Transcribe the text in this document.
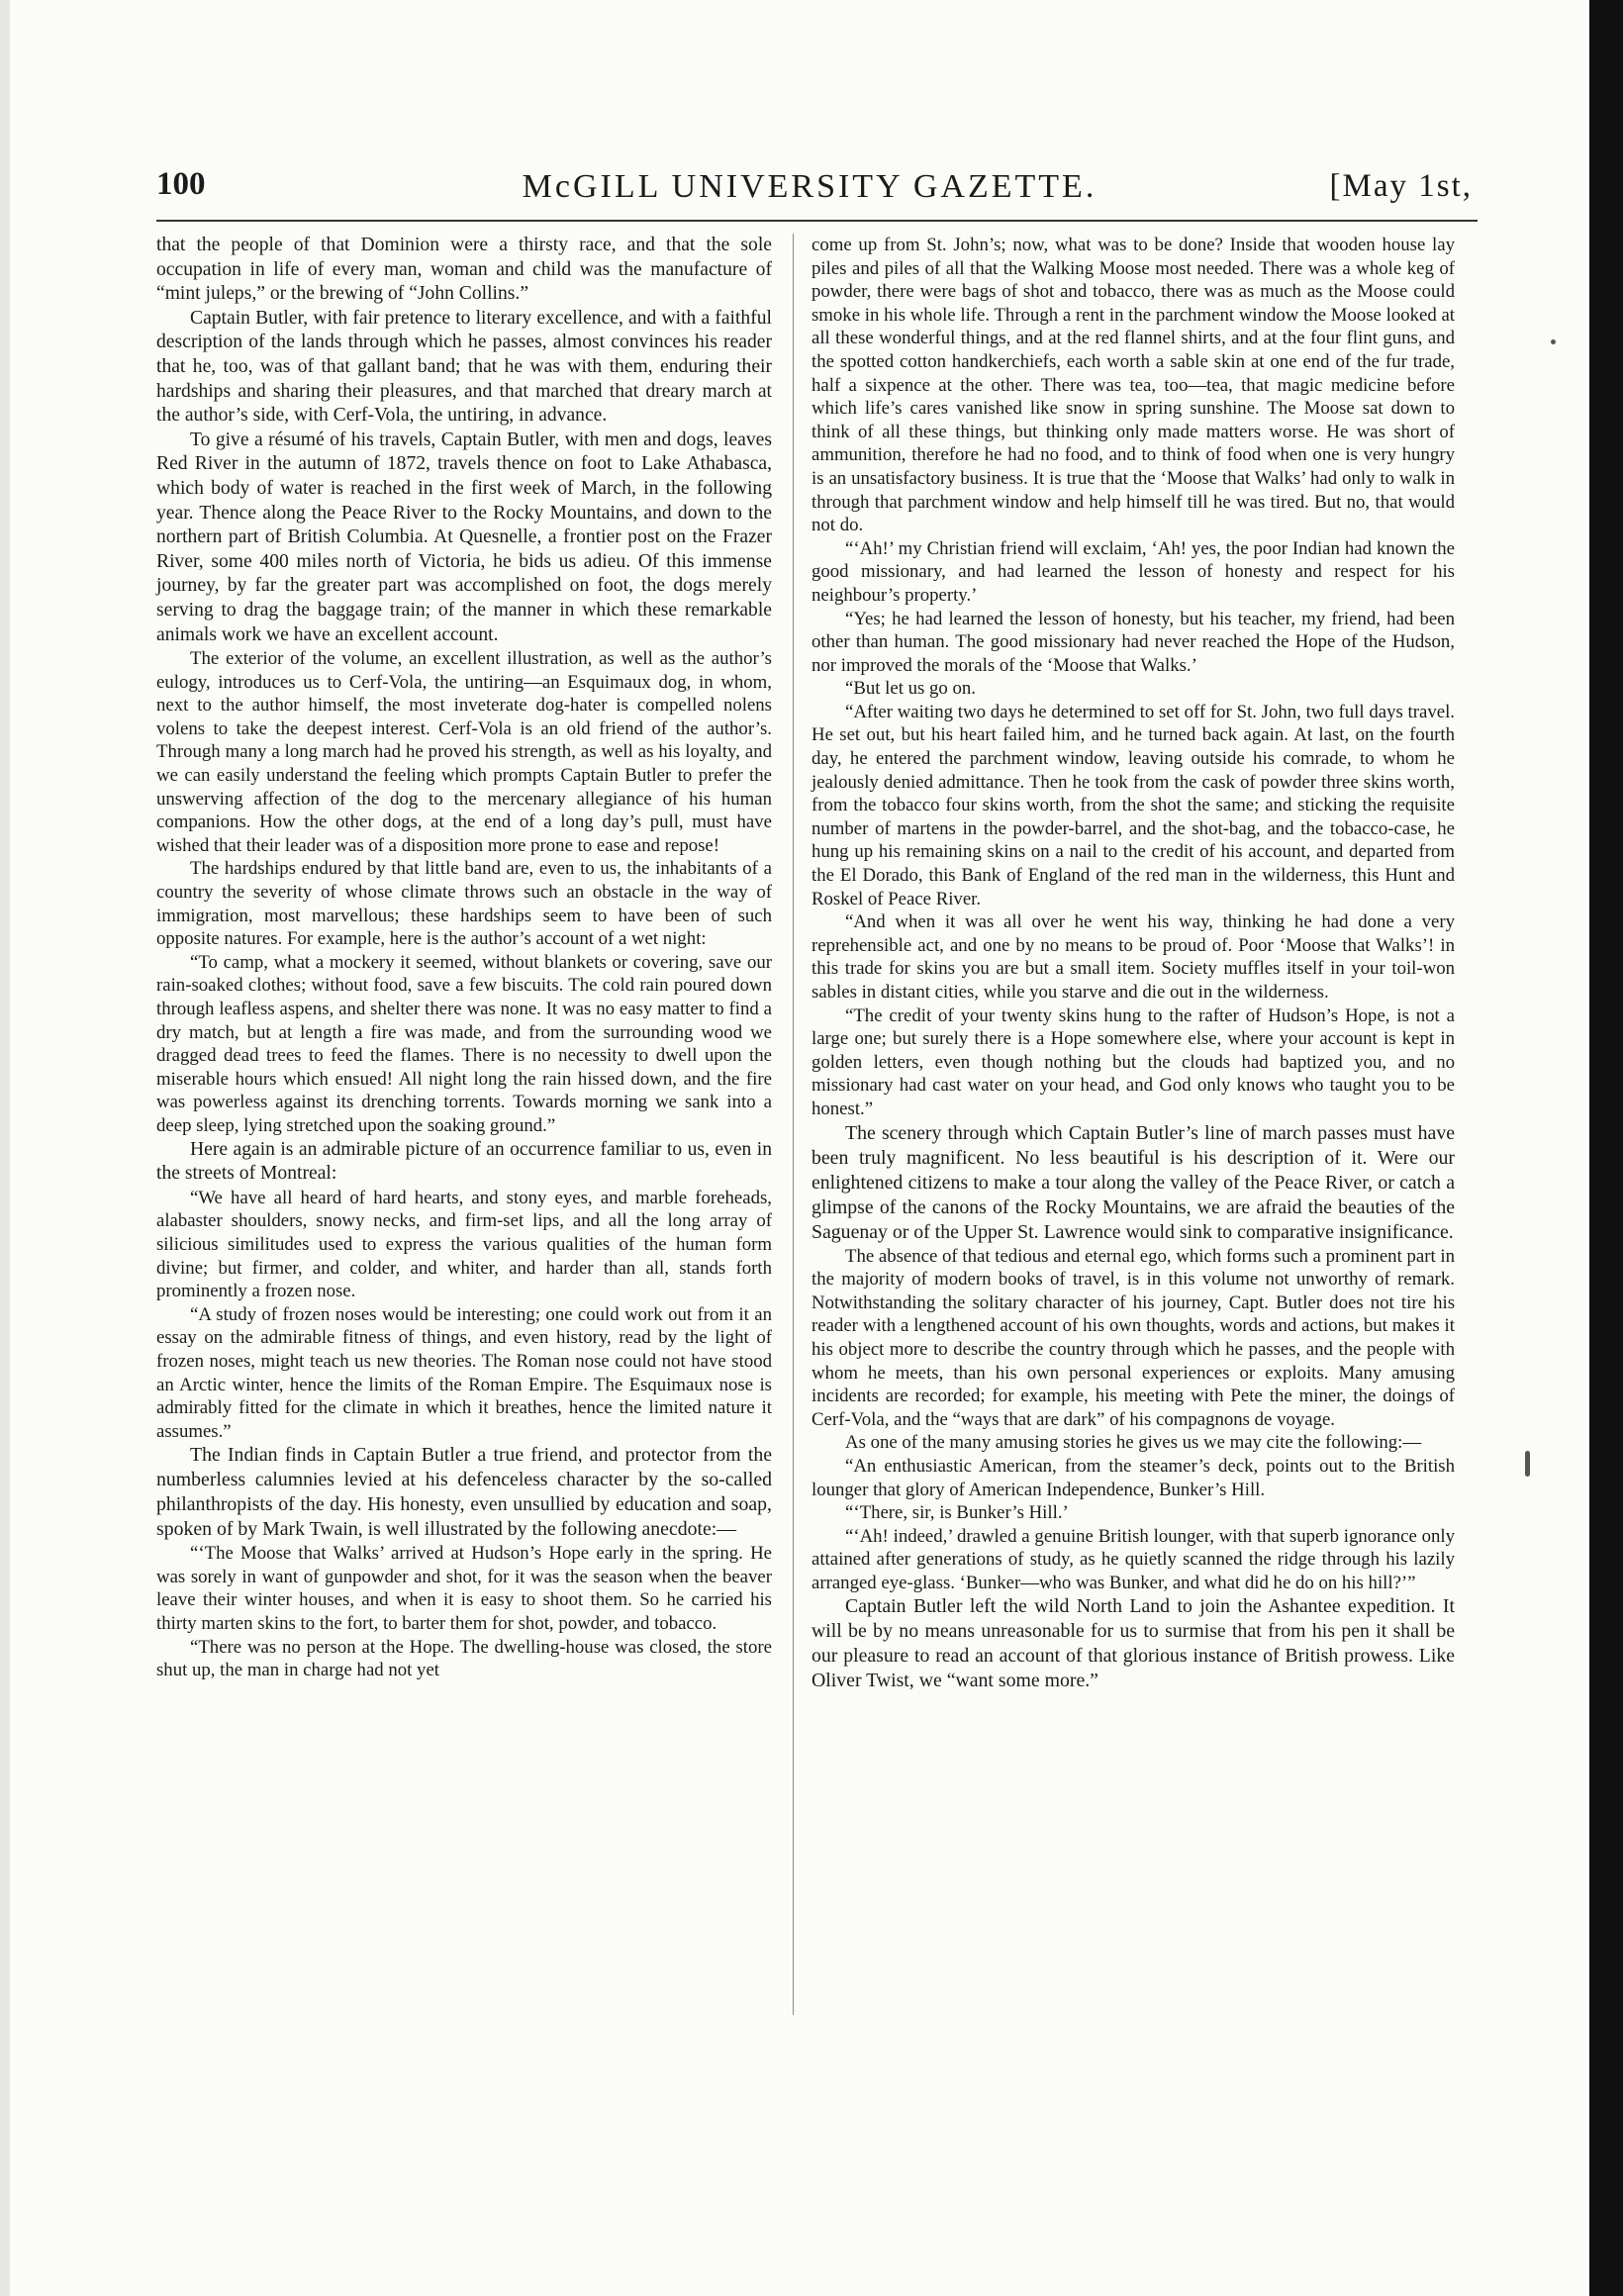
100	McGILL UNIVERSITY GAZETTE.	[May 1st,

that the people of that Dominion were a thirsty race, and that the sole occupation in life of every man, woman and child was the manufacture of “mint juleps,” or the brewing of “John Collins.”

Captain Butler, with fair pretence to literary excellence, and with a faithful description of the lands through which he passes, almost convinces his reader that he, too, was of that gallant band; that he was with them, enduring their hardships and sharing their pleasures, and that marched that dreary march at the author’s side, with Cerf-Vola, the untiring, in advance.

To give a résumé of his travels, Captain Butler, with men and dogs, leaves Red River in the autumn of 1872, travels thence on foot to Lake Athabasca, which body of water is reached in the first week of March, in the following year. Thence along the Peace River to the Rocky Mountains, and down to the northern part of British Columbia. At Quesnelle, a frontier post on the Frazer River, some 400 miles north of Victoria, he bids us adieu. Of this immense journey, by far the greater part was accomplished on foot, the dogs merely serving to drag the baggage train; of the manner in which these remarkable animals work we have an excellent account.

The exterior of the volume, an excellent illustration, as well as the author’s eulogy, introduces us to Cerf-Vola, the untiring—an Esquimaux dog, in whom, next to the author himself, the most inveterate dog-hater is compelled nolens volens to take the deepest interest. Cerf-Vola is an old friend of the author’s. Through many a long march had he proved his strength, as well as his loyalty, and we can easily understand the feeling which prompts Captain Butler to prefer the unswerving affection of the dog to the mercenary allegiance of his human companions. How the other dogs, at the end of a long day’s pull, must have wished that their leader was of a disposition more prone to ease and repose!

The hardships endured by that little band are, even to us, the inhabitants of a country the severity of whose climate throws such an obstacle in the way of immigration, most marvellous; these hardships seem to have been of such opposite natures. For example, here is the author’s account of a wet night:

“To camp, what a mockery it seemed, without blankets or covering, save our rain-soaked clothes; without food, save a few biscuits. The cold rain poured down through leafless aspens, and shelter there was none. It was no easy matter to find a dry match, but at length a fire was made, and from the surrounding wood we dragged dead trees to feed the flames. There is no necessity to dwell upon the miserable hours which ensued! All night long the rain hissed down, and the fire was powerless against its drenching torrents. Towards morning we sank into a deep sleep, lying stretched upon the soaking ground.”

Here again is an admirable picture of an occurrence familiar to us, even in the streets of Montreal:

“We have all heard of hard hearts, and stony eyes, and marble foreheads, alabaster shoulders, snowy necks, and firm-set lips, and all the long array of silicious similitudes used to express the various qualities of the human form divine; but firmer, and colder, and whiter, and harder than all, stands forth prominently a frozen nose.

“A study of frozen noses would be interesting; one could work out from it an essay on the admirable fitness of things, and even history, read by the light of frozen noses, might teach us new theories. The Roman nose could not have stood an Arctic winter, hence the limits of the Roman Empire. The Esquimaux nose is admirably fitted for the climate in which it breathes, hence the limited nature it assumes.”

The Indian finds in Captain Butler a true friend, and protector from the numberless calumnies levied at his defenceless character by the so-called philanthropists of the day. His honesty, even unsullied by education and soap, spoken of by Mark Twain, is well illustrated by the following anecdote:—

“‘The Moose that Walks’ arrived at Hudson’s Hope early in the spring. He was sorely in want of gunpowder and shot, for it was the season when the beaver leave their winter houses, and when it is easy to shoot them. So he carried his thirty marten skins to the fort, to barter them for shot, powder, and tobacco.

“There was no person at the Hope. The dwelling-house was closed, the store shut up, the man in charge had not yet

come up from St. John’s; now, what was to be done? Inside that wooden house lay piles and piles of all that the Walking Moose most needed. There was a whole keg of powder, there were bags of shot and tobacco, there was as much as the Moose could smoke in his whole life. Through a rent in the parchment window the Moose looked at all these wonderful things, and at the red flannel shirts, and at the four flint guns, and the spotted cotton handkerchiefs, each worth a sable skin at one end of the fur trade, half a sixpence at the other. There was tea, too—tea, that magic medicine before which life’s cares vanished like snow in spring sunshine. The Moose sat down to think of all these things, but thinking only made matters worse. He was short of ammunition, therefore he had no food, and to think of food when one is very hungry is an unsatisfactory business. It is true that the ‘Moose that Walks’ had only to walk in through that parchment window and help himself till he was tired. But no, that would not do.

“‘Ah!’ my Christian friend will exclaim, ‘Ah! yes, the poor Indian had known the good missionary, and had learned the lesson of honesty and respect for his neighbour’s property.’

“Yes; he had learned the lesson of honesty, but his teacher, my friend, had been other than human. The good missionary had never reached the Hope of the Hudson, nor improved the morals of the ‘Moose that Walks.’

“But let us go on.

“After waiting two days he determined to set off for St. John, two full days travel. He set out, but his heart failed him, and he turned back again. At last, on the fourth day, he entered the parchment window, leaving outside his comrade, to whom he jealously denied admittance. Then he took from the cask of powder three skins worth, from the tobacco four skins worth, from the shot the same; and sticking the requisite number of martens in the powder-barrel, and the shot-bag, and the tobacco-case, he hung up his remaining skins on a nail to the credit of his account, and departed from the El Dorado, this Bank of England of the red man in the wilderness, this Hunt and Roskel of Peace River.

“And when it was all over he went his way, thinking he had done a very reprehensible act, and one by no means to be proud of. Poor ‘Moose that Walks’! in this trade for skins you are but a small item. Society muffles itself in your toil-won sables in distant cities, while you starve and die out in the wilderness.

“The credit of your twenty skins hung to the rafter of Hudson’s Hope, is not a large one; but surely there is a Hope somewhere else, where your account is kept in golden letters, even though nothing but the clouds had baptized you, and no missionary had cast water on your head, and God only knows who taught you to be honest.”

The scenery through which Captain Butler’s line of march passes must have been truly magnificent. No less beautiful is his description of it. Were our enlightened citizens to make a tour along the valley of the Peace River, or catch a glimpse of the canons of the Rocky Mountains, we are afraid the beauties of the Saguenay or of the Upper St. Lawrence would sink to comparative insignificance.

The absence of that tedious and eternal ego, which forms such a prominent part in the majority of modern books of travel, is in this volume not unworthy of remark. Notwithstanding the solitary character of his journey, Capt. Butler does not tire his reader with a lengthened account of his own thoughts, words and actions, but makes it his object more to describe the country through which he passes, and the people with whom he meets, than his own personal experiences or exploits. Many amusing incidents are recorded; for example, his meeting with Pete the miner, the doings of Cerf-Vola, and the “ways that are dark” of his compagnons de voyage.

As one of the many amusing stories he gives us we may cite the following:—

“An enthusiastic American, from the steamer’s deck, points out to the British lounger that glory of American Independence, Bunker’s Hill.

“‘There, sir, is Bunker’s Hill.’

“‘Ah! indeed,’ drawled a genuine British lounger, with that superb ignorance only attained after generations of study, as he quietly scanned the ridge through his lazily arranged eye-glass. ‘Bunker—who was Bunker, and what did he do on his hill?’”

Captain Butler left the wild North Land to join the Ashantee expedition. It will be by no means unreasonable for us to surmise that from his pen it shall be our pleasure to read an account of that glorious instance of British prowess. Like Oliver Twist, we “want some more.”
